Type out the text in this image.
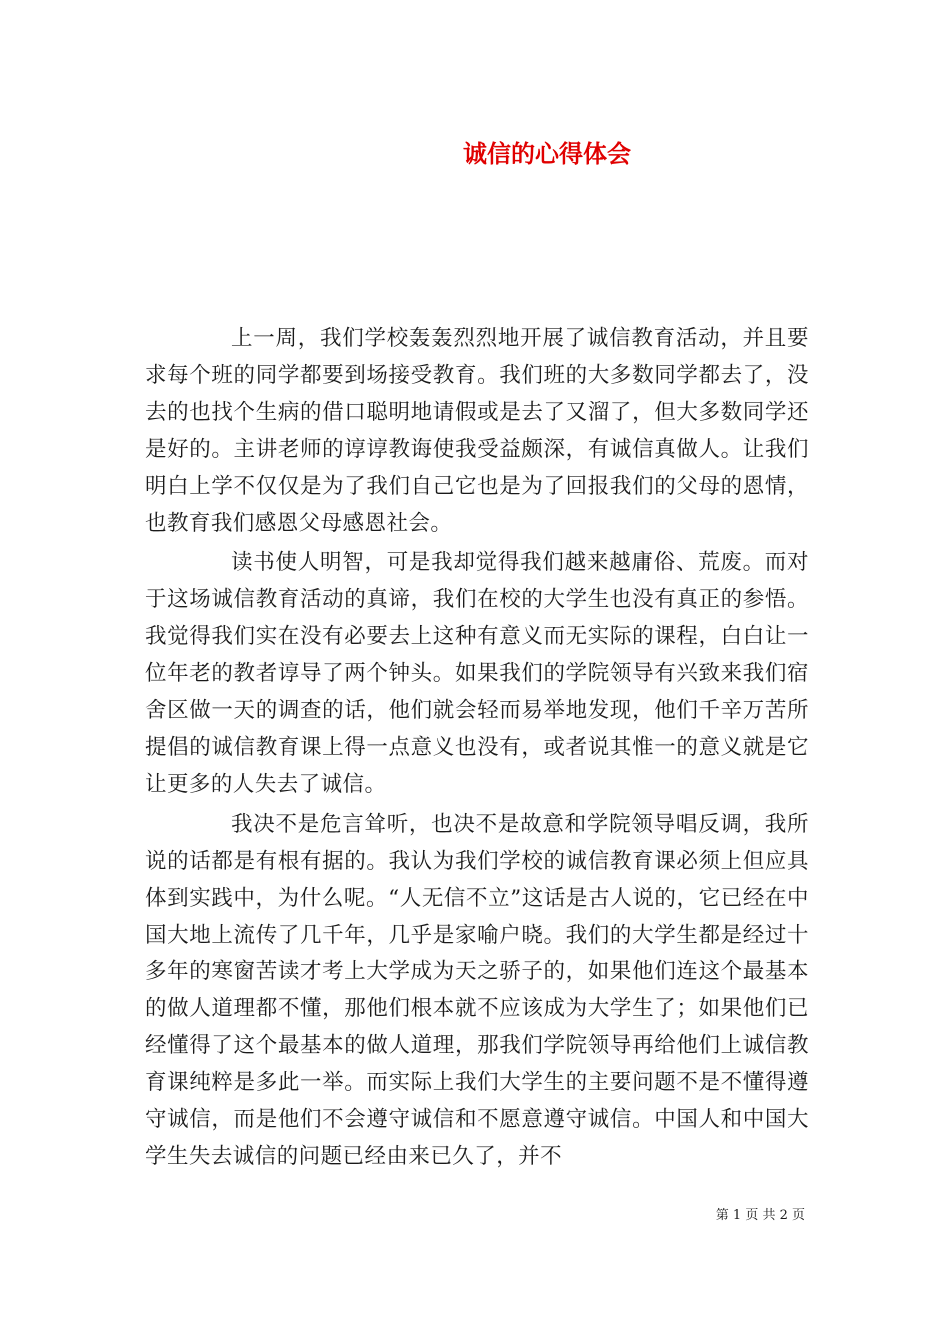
诚信的心得体会

上一周，我们学校轰轰烈烈地开展了诚信教育活动，并且要求每个班的同学都要到场接受教育。我们班的大多数同学都去了，没去的也找个生病的借口聪明地请假或是去了又溜了，但大多数同学还是好的。主讲老师的谆谆教诲使我受益颇深，有诚信真做人。让我们明白上学不仅仅是为了我们自己它也是为了回报我们的父母的恩情，也教育我们感恩父母感恩社会。

读书使人明智，可是我却觉得我们越来越庸俗、荒废。而对于这场诚信教育活动的真谛，我们在校的大学生也没有真正的参悟。我觉得我们实在没有必要去上这种有意义而无实际的课程，白白让一位年老的教者谆导了两个钟头。如果我们的学院领导有兴致来我们宿舍区做一天的调查的话，他们就会轻而易举地发现，他们千辛万苦所提倡的诚信教育课上得一点意义也没有，或者说其惟一的意义就是它让更多的人失去了诚信。

我决不是危言耸听，也决不是故意和学院领导唱反调，我所说的话都是有根有据的。我认为我们学校的诚信教育课必须上但应具体到实践中，为什么呢。“人无信不立”这话是古人说的，它已经在中国大地上流传了几千年，几乎是家喻户晓。我们的大学生都是经过十多年的寒窗苦读才考上大学成为天之骄子的，如果他们连这个最基本的做人道理都不懂，那他们根本就不应该成为大学生了；如果他们已经懂得了这个最基本的做人道理，那我们学院领导再给他们上诚信教育课纯粹是多此一举。而实际上我们大学生的主要问题不是不懂得遵守诚信，而是他们不会遵守诚信和不愿意遵守诚信。中国人和中国大学生失去诚信的问题已经由来已久了，并不

第 1 页 共 2 页
